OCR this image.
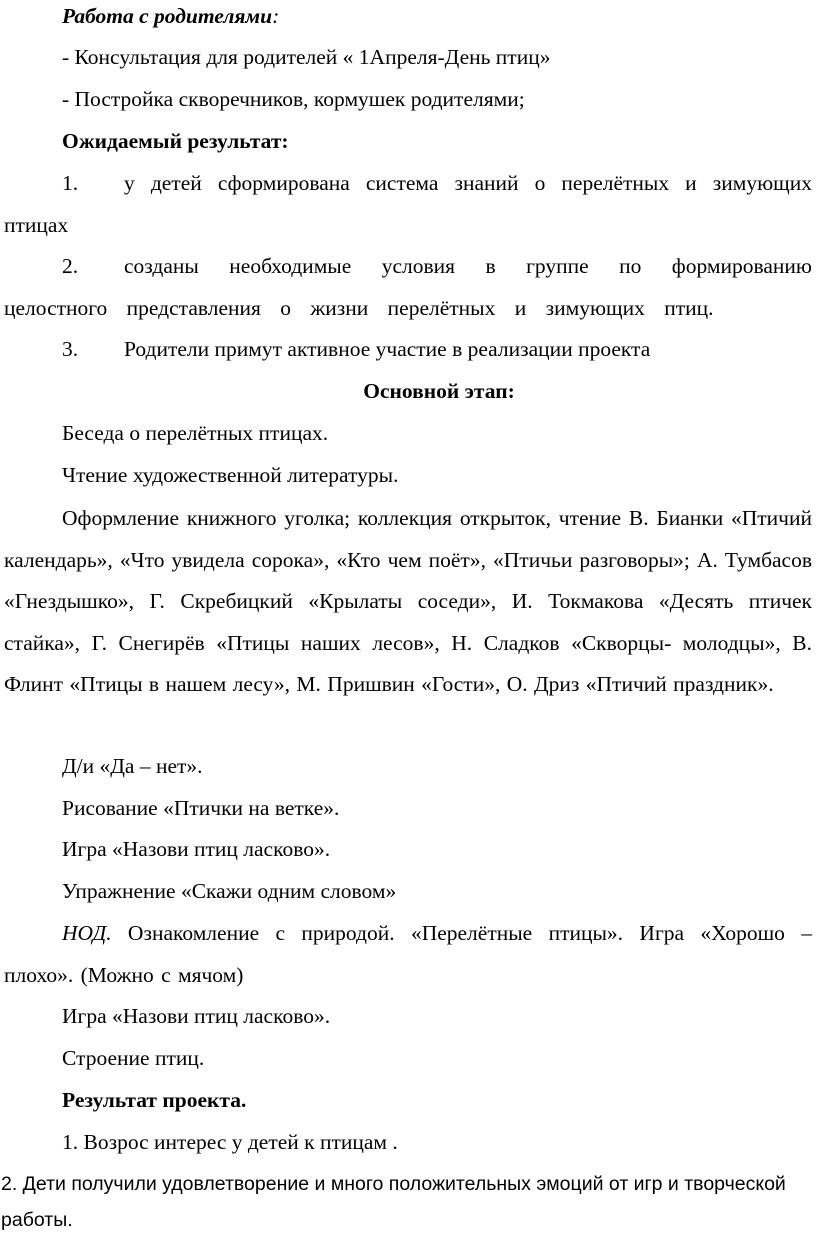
Работа с родителями:

- Консультация для родителей « 1Апреля-День птиц»

- Постройка скворечников, кормушек родителями;

Ожидаемый результат:

1. у детей сформирована система знаний о перелётных и зимующих птицах

2. созданы необходимые условия в группе по формированию целостного представления о жизни перелётных и зимующих птиц.

3. Родители примут активное участие в реализации проекта

Основной этап:

Беседа о перелётных птицах.

Чтение художественной литературы.

Оформление книжного уголка; коллекция открыток, чтение В. Бианки «Птичий календарь», «Что увидела сорока», «Кто чем поёт», «Птичьи разговоры»; А. Тумбасов «Гнездышко», Г. Скребицкий «Крылаты соседи», И. Токмакова «Десять птичек стайка», Г. Снегирёв «Птицы наших лесов», Н. Сладков «Скворцы- молодцы», В. Флинт «Птицы в нашем лесу», М. Пришвин «Гости», О. Дриз «Птичий праздник».

Д/и «Да – нет».

Рисование «Птички на ветке».

Игра «Назови птиц ласково».

Упражнение «Скажи одним словом»

НОД. Ознакомление с природой. «Перелётные птицы». Игра «Хорошо – плохо». (Можно с мячом)

Игра «Назови птиц ласково».

Строение птиц.

Результат проекта.

1. Возрос интерес у детей к птицам .

2. Дети получили удовлетворение и много положительных эмоций от игр и творческой работы.
